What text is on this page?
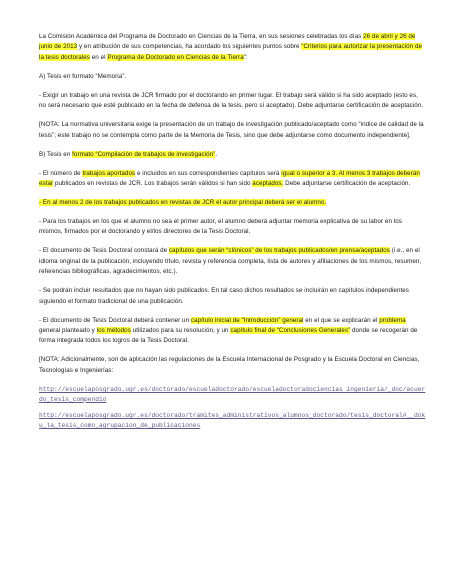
La Comisión Académica del Programa de Doctorado en Ciencias de la Tierra, en sus sesiones celebradas los días 26 de abril y 26 de junio de 2013 y en atribución de sus competencias, ha acordado los siguientes puntos sobre “Criterios para autorizar la presentación de la tesis doctorales en el Programa de Doctorado en Ciencias de la Tierra”:

A) Tesis en formato “Memoria”.

- Exigir un trabajo en una revista de JCR firmado por el doctorando en primer lugar. El trabajo será válido si ha sido aceptado (esto es, no será necesario que esté publicado en la fecha de defensa de la tesis, pero sí aceptado). Debe adjuntarse certificación de aceptación.

[NOTA: La normativa universitaria exige la presentación de un trabajo de investigación publicado/aceptado como “indice de calidad de la tesis”; este trabajo no se contempla como parte de la Memoria de Tesis, sino que debe adjuntarse como documento independiente].

B) Tesis en formato “Compilación de trabajos de investigación”.

- El número de trabajos aportados e incluidos en sus correspondientes capítulos será igual o superior a 3. Al menos 3 trabajos deberán estar publicados en revistas de JCR. Los trabajos serán válidos si han sido aceptados. Debe adjuntarse certificación de aceptación.

- En al menos 2 de los trabajos publicados en revistas de JCR el autor principal deberá ser el alumno.

- Para los trabajos en los que el alumno no sea el primer autor, el alumno deberá adjuntar memoria explicativa de su labor en los mismos, firmados por el doctorando y el/los directores de la Tesis Doctoral.

- El documento de Tesis Doctoral constará de capítulos que serán “clónicos” de los trabajos publicados/en prensa/aceptados (i.e., en el idioma original de la publicación, incluyendo título, revista y referencia completa, lista de autores y afiliaciones de los mismos, resumen, referencias bibliográficas, agradecimientos, etc.).

- Se podrán incluir resultados que no hayan sido publicados. En tal caso dichos resultados se incluirán en capítulos independientes siguiendo el formato tradicional de una publicación.

- El documento de Tesis Doctoral deberá contener un capítulo inicial de “Introducción” general en el que se explicarán el problema general planteado y los métodos utilizados para su resolución, y un capítulo final de “Conclusiones Generales” donde se recogerán de forma integrada todos los logros de la Tesis Doctoral.

[NOTA: Adicionalmente, son de aplicación las regulaciones de la Escuela Internacional de Posgrado y la Escuela Doctoral en Ciencias, Tecnologías e Ingenierías:

http://escuelaposgrado.ugr.es/doctorado/escueladoctorado/escueladoctoradociencias ingenieria/_doc/acuerdo_tesis_compendio
http://escuelaposgrado.ugr.es/doctorado/tramites_administrativos_alumnos_doctorado/tesis_doctoral#__doku_la_tesis_como_agrupacion_de_publicaciones
